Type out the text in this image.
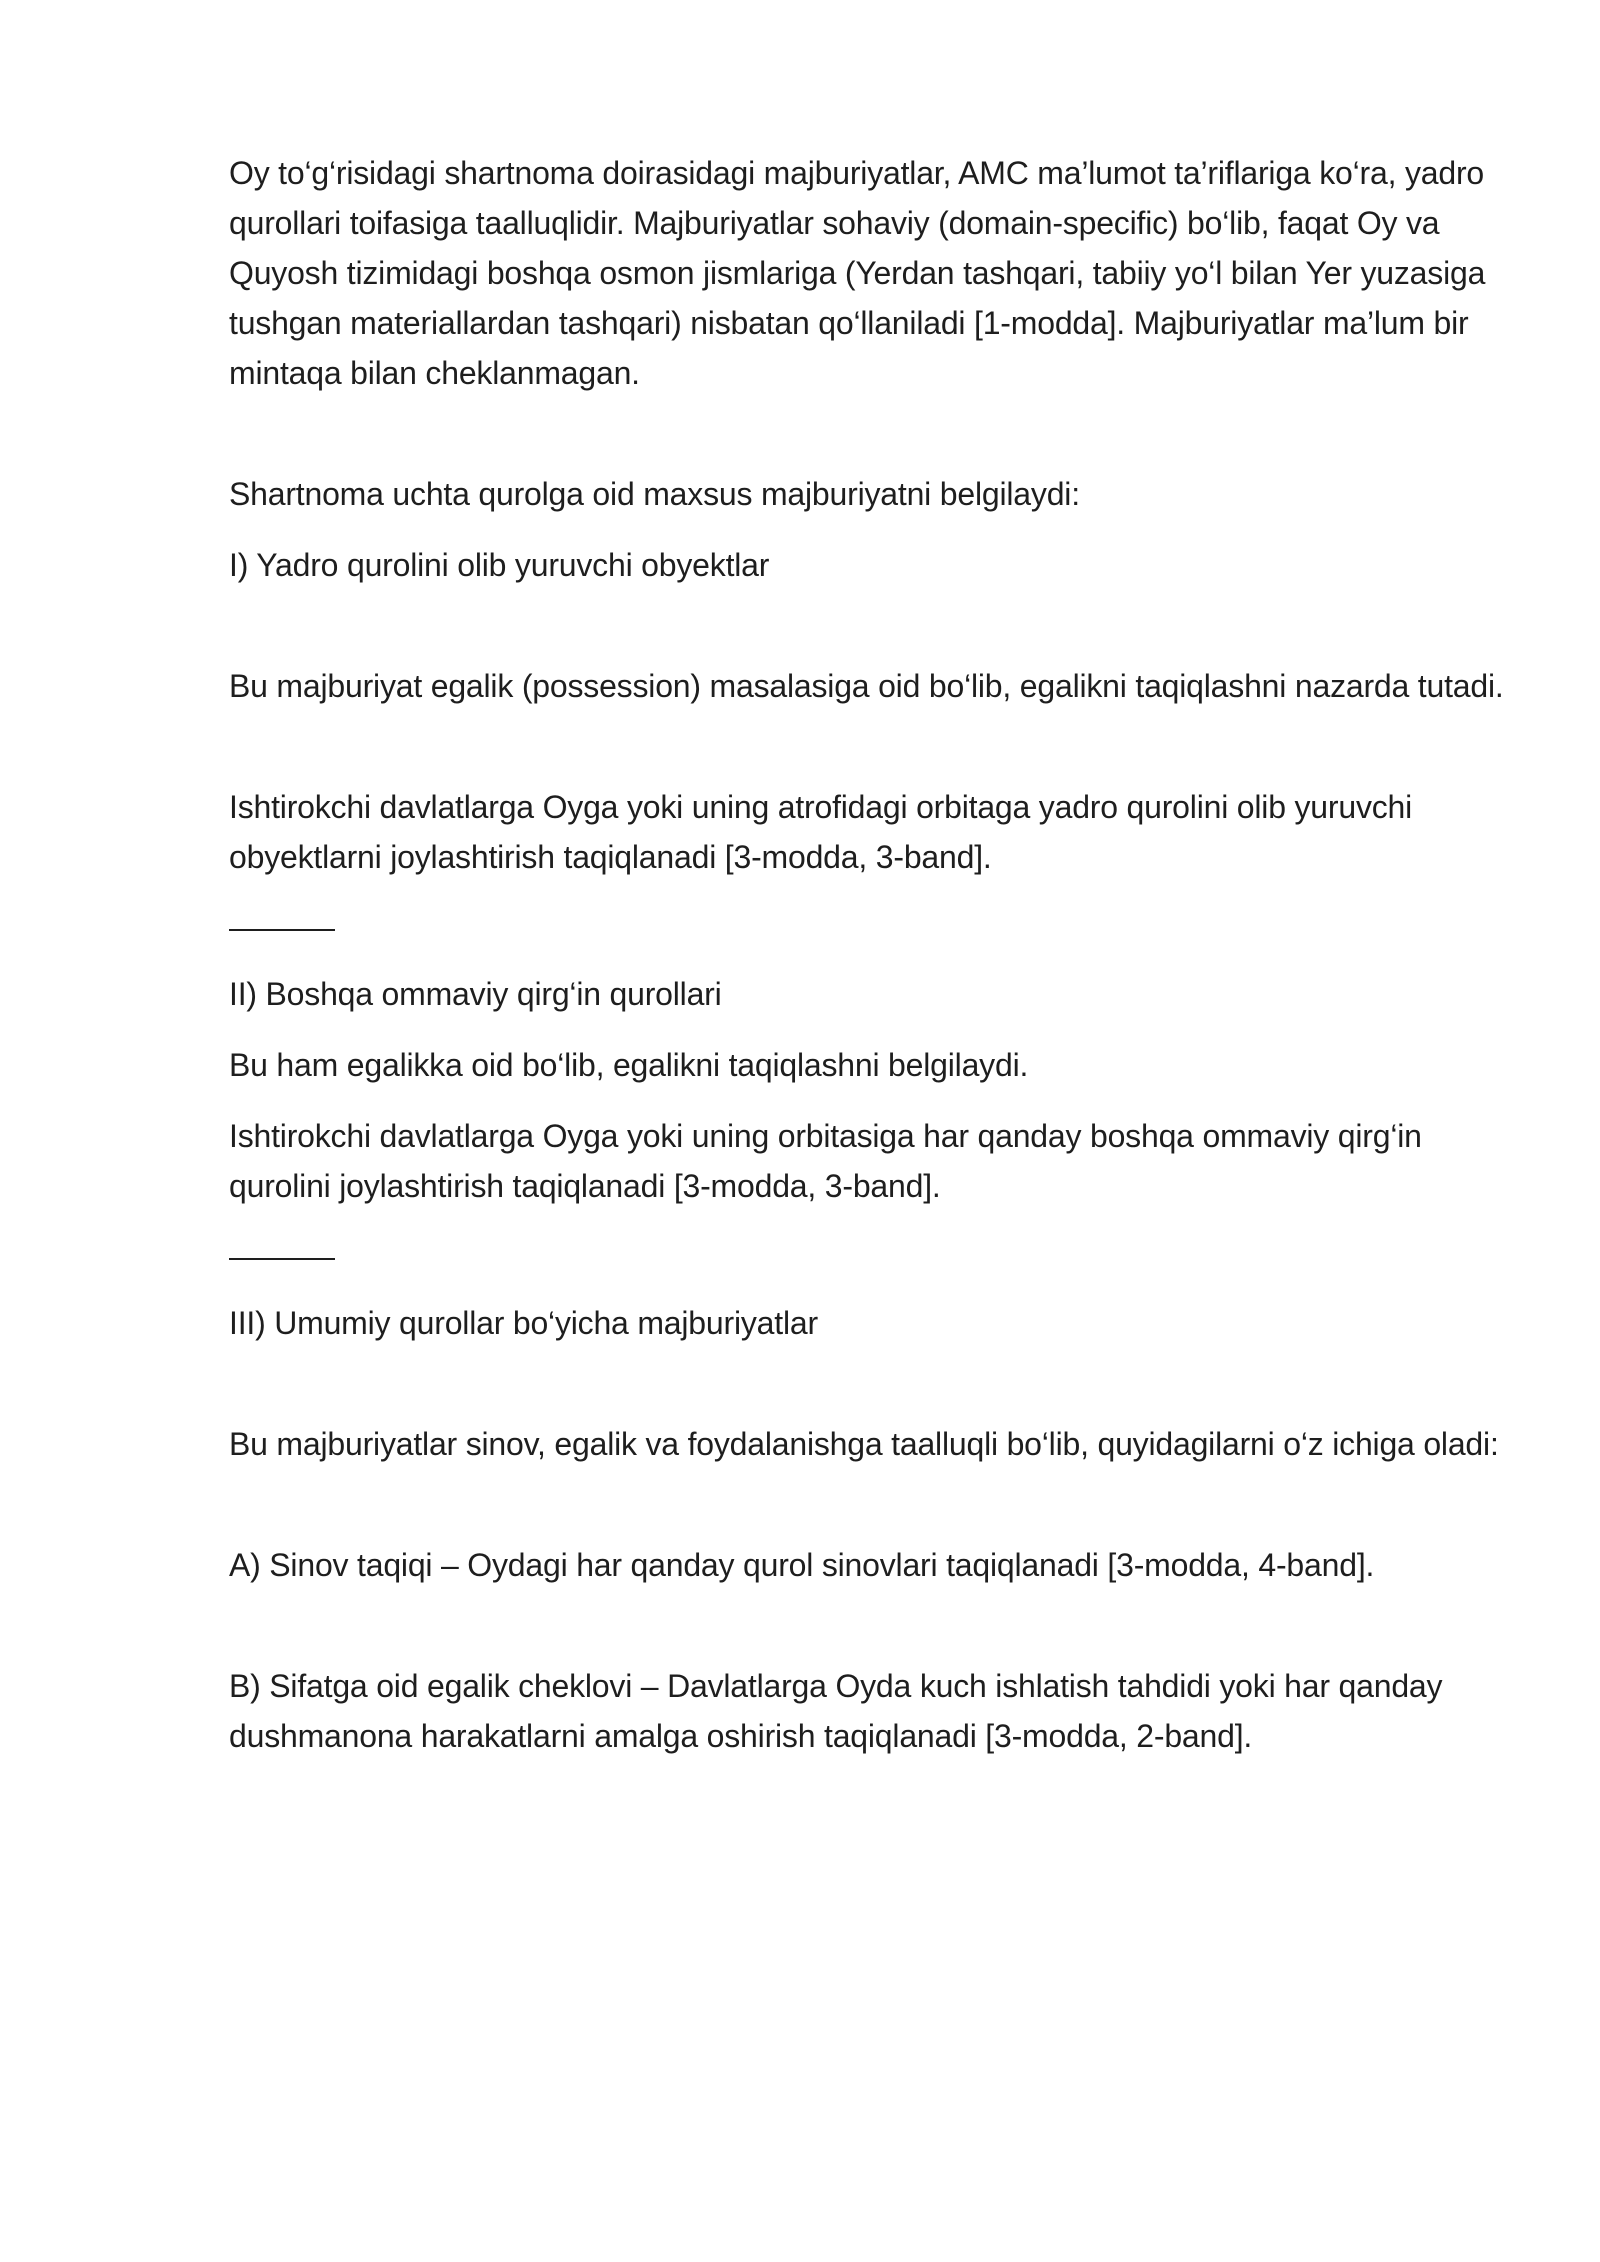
Oy to‘g‘risidagi shartnoma doirasidagi majburiyatlar, AMC ma’lumot ta’riflariga ko‘ra, yadro qurollari toifasiga taalluqlidir. Majburiyatlar sohaviy (domain-specific) bo‘lib, faqat Oy va Quyosh tizimidagi boshqa osmon jismlariga (Yerdan tashqari, tabiiy yo‘l bilan Yer yuzasiga tushgan materiallardan tashqari) nisbatan qo‘llaniladi [1-modda]. Majburiyatlar ma’lum bir mintaqa bilan cheklanmagan.

Shartnoma uchta qurolga oid maxsus majburiyatni belgilaydi:

I) Yadro qurolini olib yuruvchi obyektlar

Bu majburiyat egalik (possession) masalasiga oid bo‘lib, egalikni taqiqlashni nazarda tutadi.

Ishtirokchi davlatlarga Oyga yoki uning atrofidagi orbitaga yadro qurolini olib yuruvchi obyektlarni joylashtirish taqiqlanadi [3-modda, 3-band].

II) Boshqa ommaviy qirg‘in qurollari

Bu ham egalikka oid bo‘lib, egalikni taqiqlashni belgilaydi.

Ishtirokchi davlatlarga Oyga yoki uning orbitasiga har qanday boshqa ommaviy qirg‘in qurolini joylashtirish taqiqlanadi [3-modda, 3-band].

III) Umumiy qurollar bo‘yicha majburiyatlar

Bu majburiyatlar sinov, egalik va foydalanishga taalluqli bo‘lib, quyidagilarni o‘z ichiga oladi:

A) Sinov taqiqi – Oydagi har qanday qurol sinovlari taqiqlanadi [3-modda, 4-band].

B) Sifatga oid egalik cheklovi – Davlatlarga Oyda kuch ishlatish tahdidi yoki har qanday dushmanona harakatlarni amalga oshirish taqiqlanadi [3-modda, 2-band].
